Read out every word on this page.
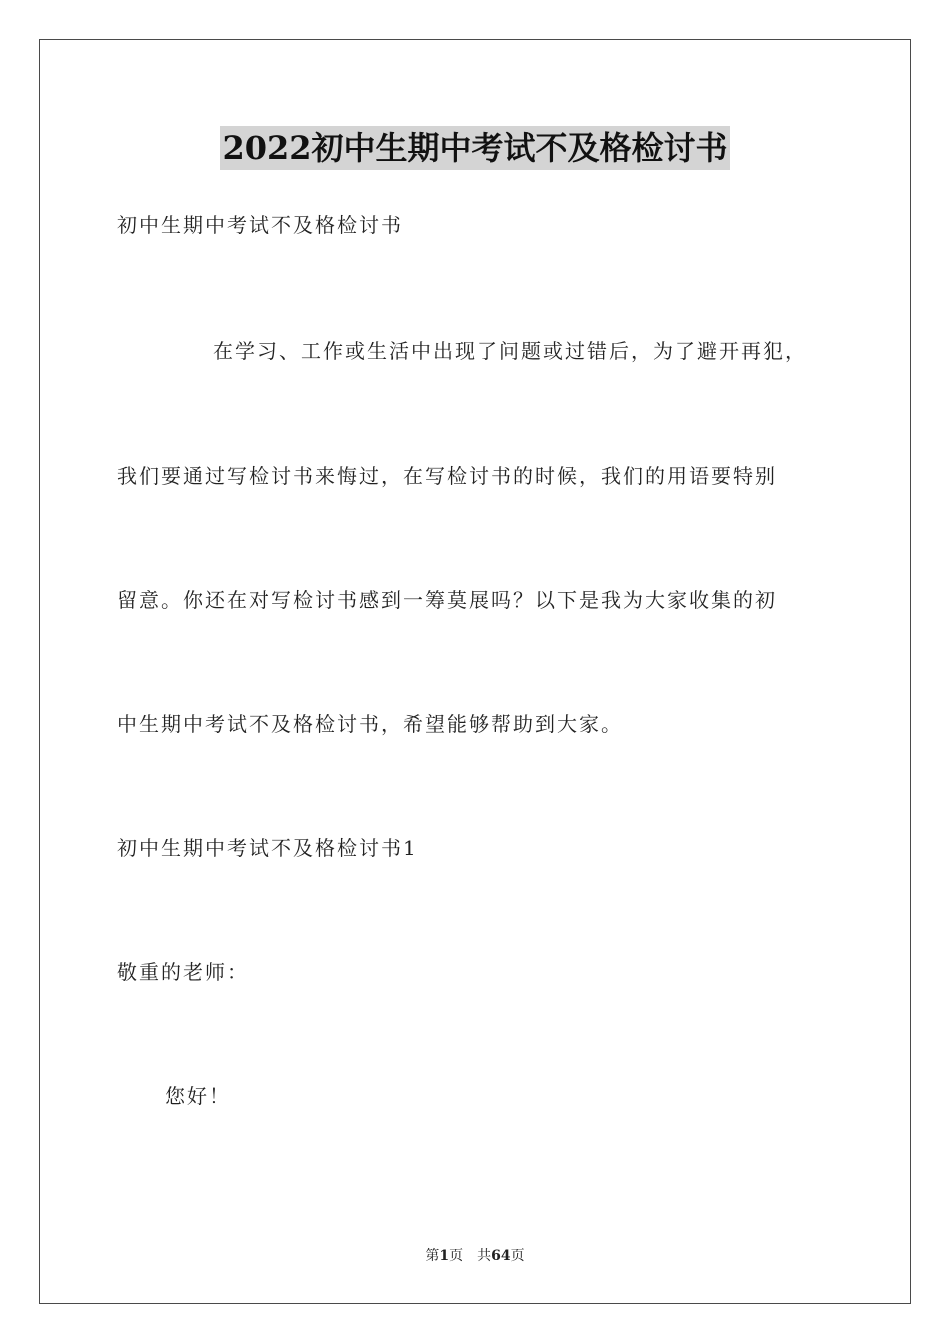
2022初中生期中考试不及格检讨书
初中生期中考试不及格检讨书
在学习、工作或生活中出现了问题或过错后，为了避开再犯，
我们要通过写检讨书来悔过，在写检讨书的时候，我们的用语要特别
留意。你还在对写检讨书感到一筹莫展吗？以下是我为大家收集的初
中生期中考试不及格检讨书，希望能够帮助到大家。
初中生期中考试不及格检讨书1
敬重的老师：
您好！
第1页 共64页
